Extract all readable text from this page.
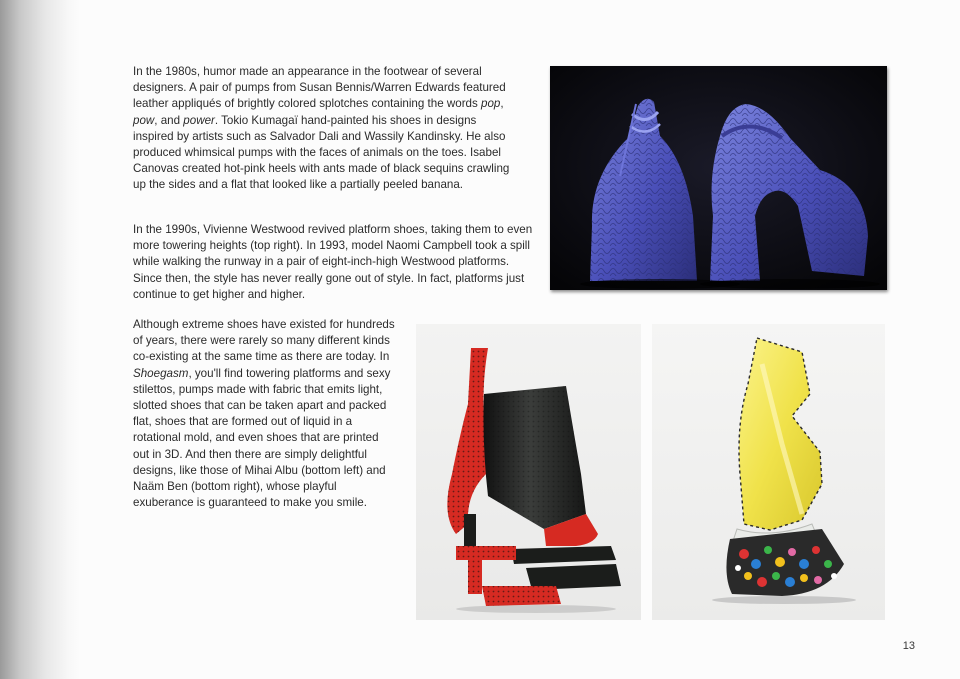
In the 1980s, humor made an appearance in the footwear of several designers. A pair of pumps from Susan Bennis/Warren Edwards featured leather appliqués of brightly colored splotches containing the words pop, pow, and power. Tokio Kumagaï hand-painted his shoes in designs inspired by artists such as Salvador Dali and Wassily Kandinsky. He also produced whimsical pumps with the faces of animals on the toes. Isabel Canovas created hot-pink heels with ants made of black sequins crawling up the sides and a flat that looked like a partially peeled banana.

In the 1990s, Vivienne Westwood revived platform shoes, taking them to even more towering heights (top right). In 1993, model Naomi Campbell took a spill while walking the runway in a pair of eight-inch-high Westwood platforms. Since then, the style has never really gone out of style. In fact, platforms just continue to get higher and higher.

Although extreme shoes have existed for hundreds of years, there were rarely so many different kinds co-existing at the same time as there are today. In Shoegasm, you'll find towering platforms and sexy stilettos, pumps made with fabric that emits light, slotted shoes that can be taken apart and packed flat, shoes that are formed out of liquid in a rotational mold, and even shoes that are printed out in 3D. And then there are simply delightful designs, like those of Mihai Albu (bottom left) and Naäm Ben (bottom right), whose playful exuberance is guaranteed to make you smile.

13
